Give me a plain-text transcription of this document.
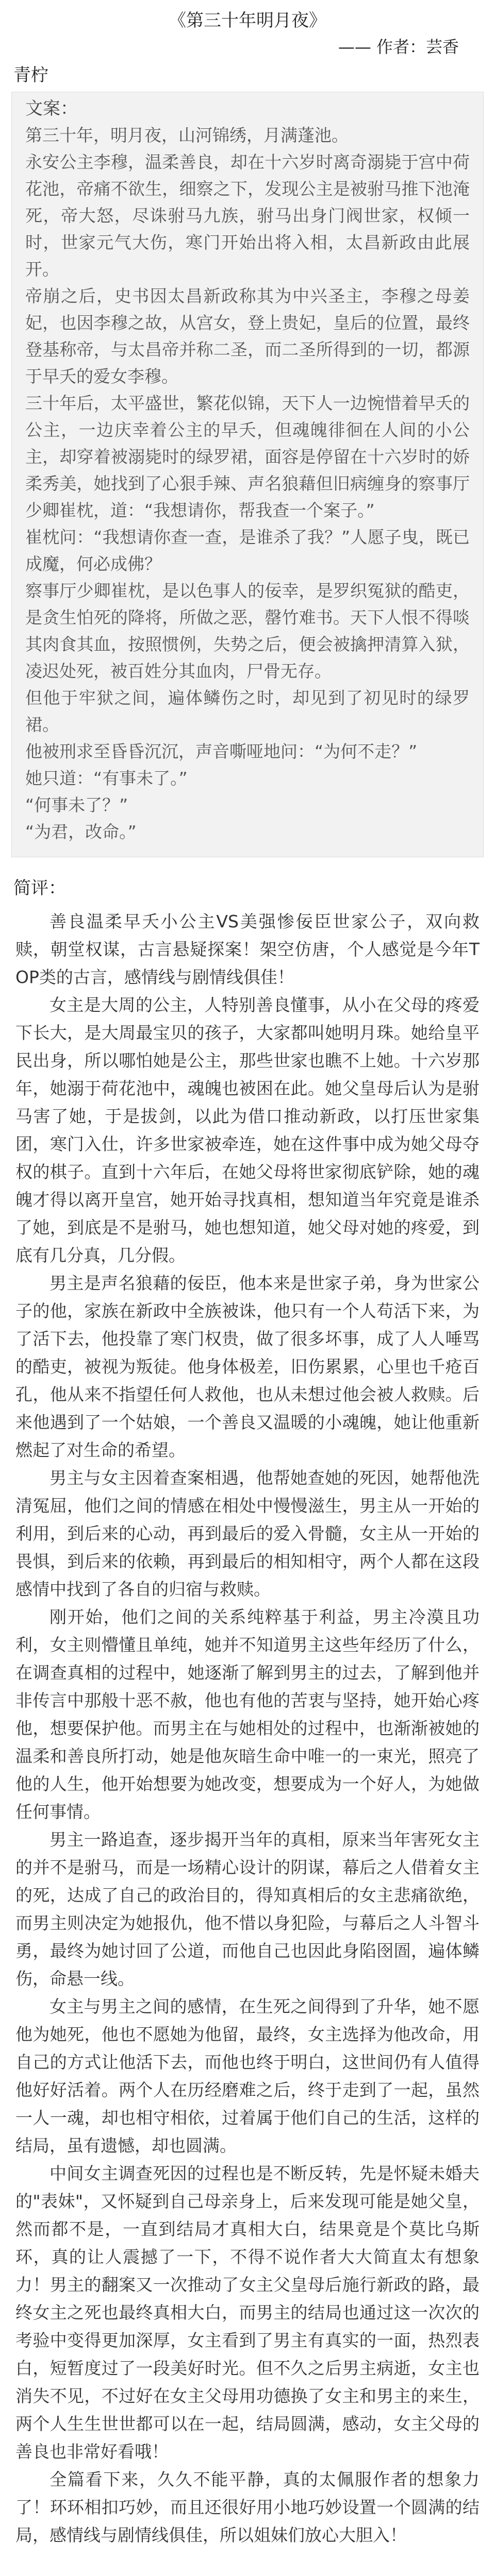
《第三十年明月夜》

—— 作者：芸香

青柠

文案：

第三十年，明月夜，山河锦绣，月满蓬池。

永安公主李穆，温柔善良，却在十六岁时离奇溺毙于宫中荷花池，帝痛不欲生，细察之下，发现公主是被驸马推下池淹死，帝大怒，尽诛驸马九族，驸马出身门阀世家，权倾一时，世家元气大伤，寒门开始出将入相，太昌新政由此展开。

帝崩之后，史书因太昌新政称其为中兴圣主，李穆之母姜妃，也因李穆之故，从宫女，登上贵妃，皇后的位置，最终登基称帝，与太昌帝并称二圣，而二圣所得到的一切，都源于早夭的爱女李穆。

三十年后，太平盛世，繁花似锦，天下人一边惋惜着早夭的公主，一边庆幸着公主的早夭，但魂魄徘徊在人间的小公主，却穿着被溺毙时的绿罗裙，面容是停留在十六岁时的娇柔秀美，她找到了心狠手辣、声名狼藉但旧病缠身的察事厅少卿崔枕，道：“我想请你，帮我查一个案子。”

崔枕问：“我想请你查一查，是谁杀了我？”人愿子曳，既已成魔，何必成佛？

察事厅少卿崔枕，是以色事人的佞幸，是罗织冤狱的酷吏，是贪生怕死的降将，所做之恶，罄竹难书。天下人恨不得啖其肉食其血，按照惯例，失势之后，便会被擒押清算入狱，凌迟处死，被百姓分其血肉，尸骨无存。

但他于牢狱之间，遍体鳞伤之时，却见到了初见时的绿罗裙。

他被刑求至昏昏沉沉，声音嘶哑地问：“为何不走？”

她只道：“有事未了。”

“何事未了？”

“为君，改命。”

简评：

善良温柔早夭小公主VS美强惨佞臣世家公子，双向救赎，朝堂权谋，古言悬疑探案！架空仿唐，个人感觉是今年TOP类的古言，感情线与剧情线俱佳！

女主是大周的公主，人特别善良懂事，从小在父母的疼爱下长大，是大周最宝贝的孩子，大家都叫她明月珠。她给皇平民出身，所以哪怕她是公主，那些世家也瞧不上她。十六岁那年，她溺于荷花池中，魂魄也被困在此。她父皇母后认为是驸马害了她，于是拔剑，以此为借口推动新政，以打压世家集团，寒门入仕，许多世家被牵连，她在这件事中成为她父母夺权的棋子。直到十六年后，在她父母将世家彻底铲除，她的魂魄才得以离开皇宫，她开始寻找真相，想知道当年究竟是谁杀了她，到底是不是驸马，她也想知道，她父母对她的疼爱，到底有几分真，几分假。

男主是声名狼藉的佞臣，他本来是世家子弟，身为世家公子的他，家族在新政中全族被诛，他只有一个人苟活下来，为了活下去，他投靠了寒门权贵，做了很多坏事，成了人人唾骂的酷吏，被视为叛徒。他身体极差，旧伤累累，心里也千疮百孔，他从来不指望任何人救他，也从未想过他会被人救赎。后来他遇到了一个姑娘，一个善良又温暖的小魂魄，她让他重新燃起了对生命的希望。

男主与女主因着查案相遇，他帮她查她的死因，她帮他洗清冤屈，他们之间的情感在相处中慢慢滋生，男主从一开始的利用，到后来的心动，再到最后的爱入骨髓，女主从一开始的畏惧，到后来的依赖，再到最后的相知相守，两个人都在这段感情中找到了各自的归宿与救赎。

刚开始，他们之间的关系纯粹基于利益，男主冷漠且功利，女主则懵懂且单纯，她并不知道男主这些年经历了什么，在调查真相的过程中，她逐渐了解到男主的过去，了解到他并非传言中那般十恶不赦，他也有他的苦衷与坚持，她开始心疼他，想要保护他。而男主在与她相处的过程中，也渐渐被她的温柔和善良所打动，她是他灰暗生命中唯一的一束光，照亮了他的人生，他开始想要为她改变，想要成为一个好人，为她做任何事情。

男主一路追查，逐步揭开当年的真相，原来当年害死女主的并不是驸马，而是一场精心设计的阴谋，幕后之人借着女主的死，达成了自己的政治目的，得知真相后的女主悲痛欲绝，而男主则决定为她报仇，他不惜以身犯险，与幕后之人斗智斗勇，最终为她讨回了公道，而他自己也因此身陷囹圄，遍体鳞伤，命悬一线。

女主与男主之间的感情，在生死之间得到了升华，她不愿他为她死，他也不愿她为他留，最终，女主选择为他改命，用自己的方式让他活下去，而他也终于明白，这世间仍有人值得他好好活着。两个人在历经磨难之后，终于走到了一起，虽然一人一魂，却也相守相依，过着属于他们自己的生活，这样的结局，虽有遗憾，却也圆满。

中间女主调查死因的过程也是不断反转，先是怀疑未婚夫的"表妹"，又怀疑到自己母亲身上，后来发现可能是她父皇，然而都不是，一直到结局才真相大白，结果竟是个莫比乌斯环，真的让人震撼了一下，不得不说作者大大简直太有想象力！男主的翻案又一次推动了女主父皇母后施行新政的路，最终女主之死也最终真相大白，而男主的结局也通过这一次次的考验中变得更加深厚，女主看到了男主有真实的一面，热烈表白，短暂度过了一段美好时光。但不久之后男主病逝，女主也消失不见，不过好在女主父母用功德换了女主和男主的来生，两个人生生世世都可以在一起，结局圆满，感动，女主父母的善良也非常好看哦！

全篇看下来，久久不能平静，真的太佩服作者的想象力了！环环相扣巧妙，而且还很好用小地巧妙设置一个圆满的结局，感情线与剧情线俱佳，所以姐妹们放心大胆入！
